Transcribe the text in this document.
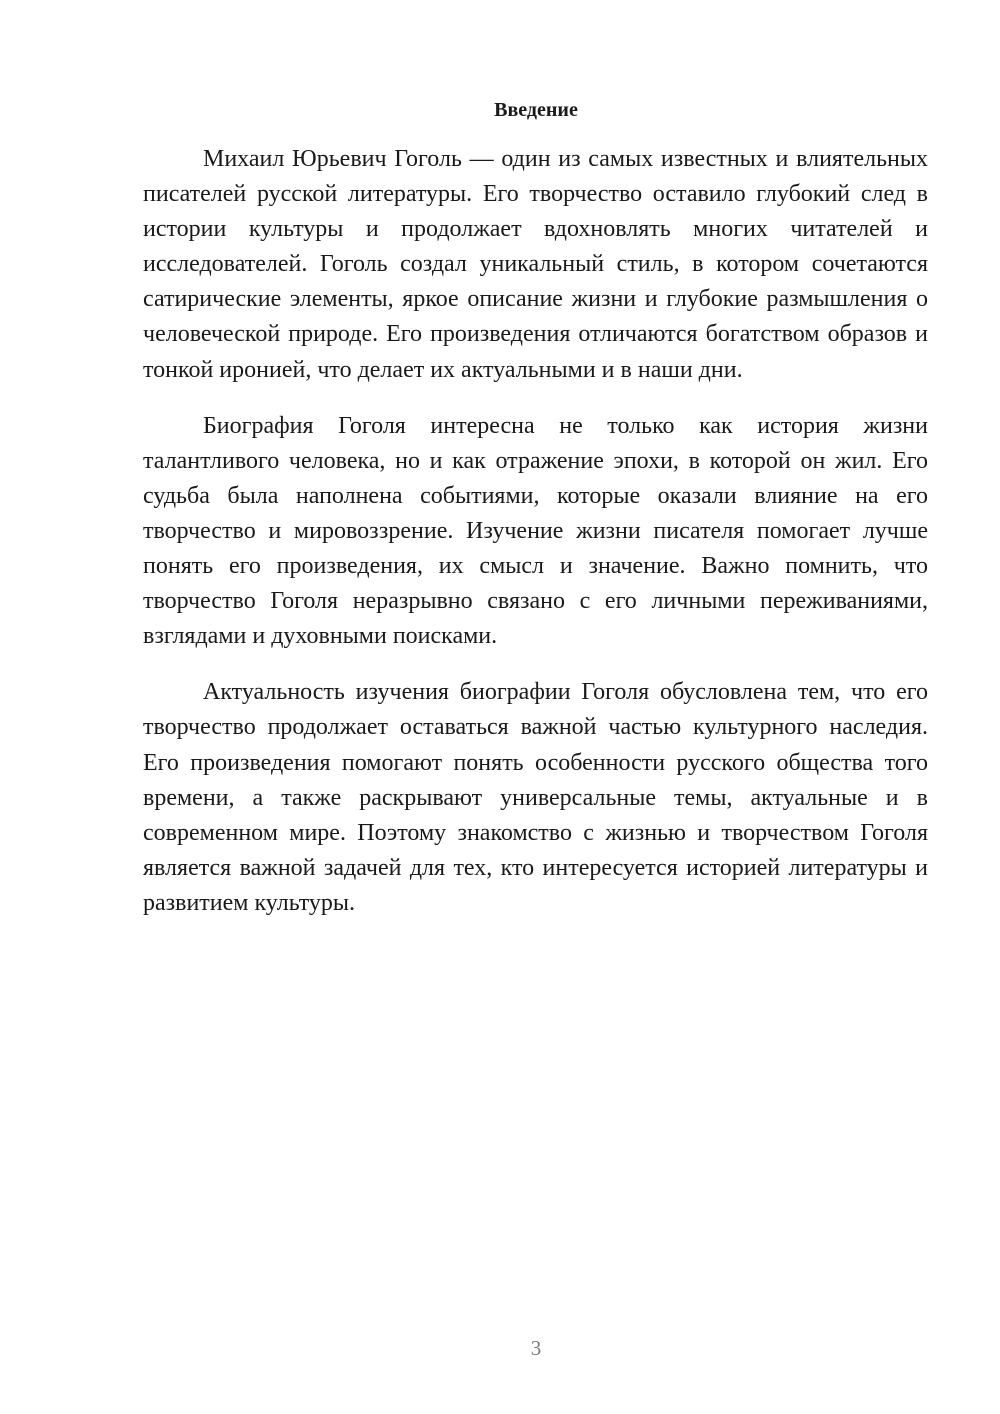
Введение

Михаил Юрьевич Гоголь — один из самых известных и влиятельных писателей русской литературы. Его творчество оставило глубокий след в истории культуры и продолжает вдохновлять многих читателей и исследователей. Гоголь создал уникальный стиль, в котором сочетаются сатирические элементы, яркое описание жизни и глубокие размышления о человеческой природе. Его произведения отличаются богатством образов и тонкой иронией, что делает их актуальными и в наши дни.

Биография Гоголя интересна не только как история жизни талантливого человека, но и как отражение эпохи, в которой он жил. Его судьба была наполнена событиями, которые оказали влияние на его творчество и мировоззрение. Изучение жизни писателя помогает лучше понять его произведения, их смысл и значение. Важно помнить, что творчество Гоголя неразрывно связано с его личными переживаниями, взглядами и духовными поисками.

Актуальность изучения биографии Гоголя обусловлена тем, что его творчество продолжает оставаться важной частью культурного наследия. Его произведения помогают понять особенности русского общества того времени, а также раскрывают универсальные темы, актуальные и в современном мире. Поэтому знакомство с жизнью и творчеством Гоголя является важной задачей для тех, кто интересуется историей литературы и развитием культуры.

3
